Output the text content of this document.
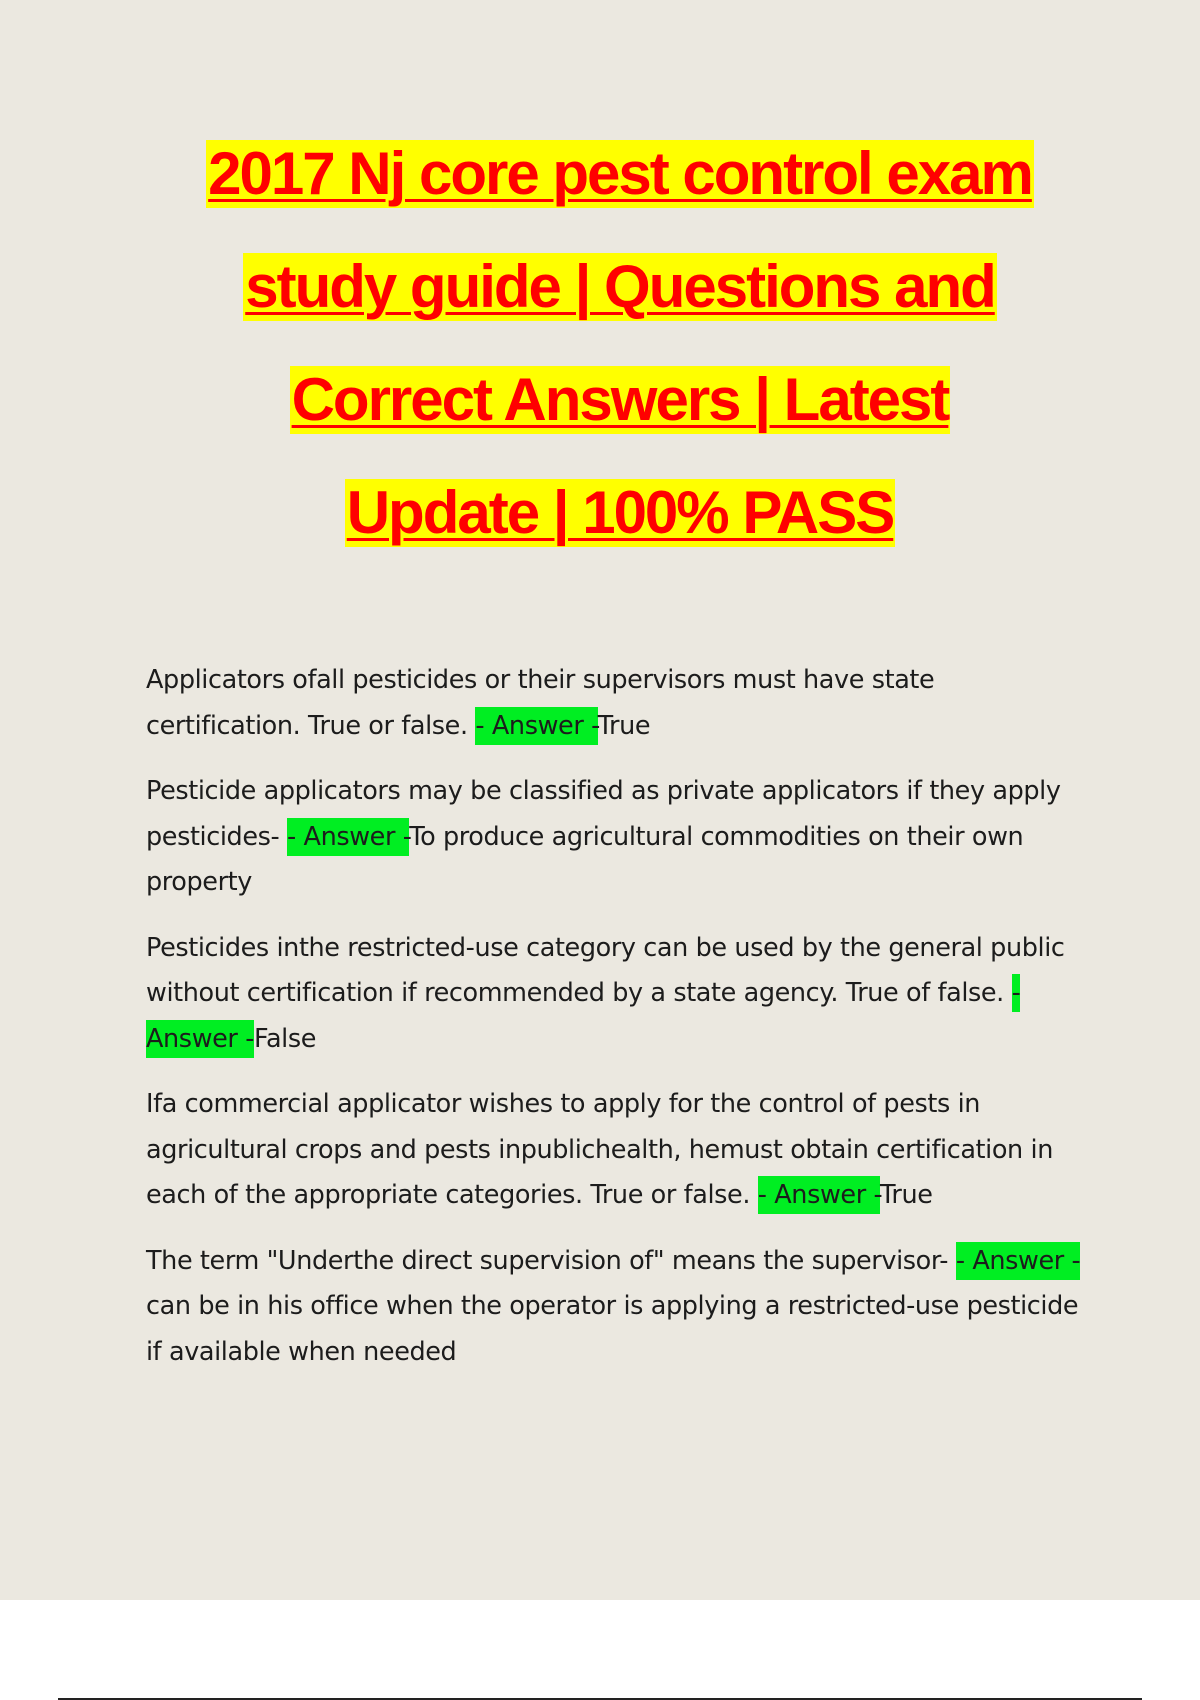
2017 Nj core pest control exam
study guide | Questions and
Correct Answers | Latest
Update | 100% PASS

Applicators ofall pesticides or their supervisors must have state certification. True or false. - Answer -True

Pesticide applicators may be classified as private applicators if they apply pesticides- - Answer -To produce agricultural commodities on their own property

Pesticides inthe restricted-use category can be used by the general public without certification if recommended by a state agency. True of false. - Answer -False

Ifa commercial applicator wishes to apply for the control of pests in agricultural crops and pests inpublichealth, hemust obtain certification in each of the appropriate categories. True or false. - Answer -True

The term "Underthe direct supervision of" means the supervisor- - Answer -can be in his office when the operator is applying a restricted-use pesticide if available when needed
